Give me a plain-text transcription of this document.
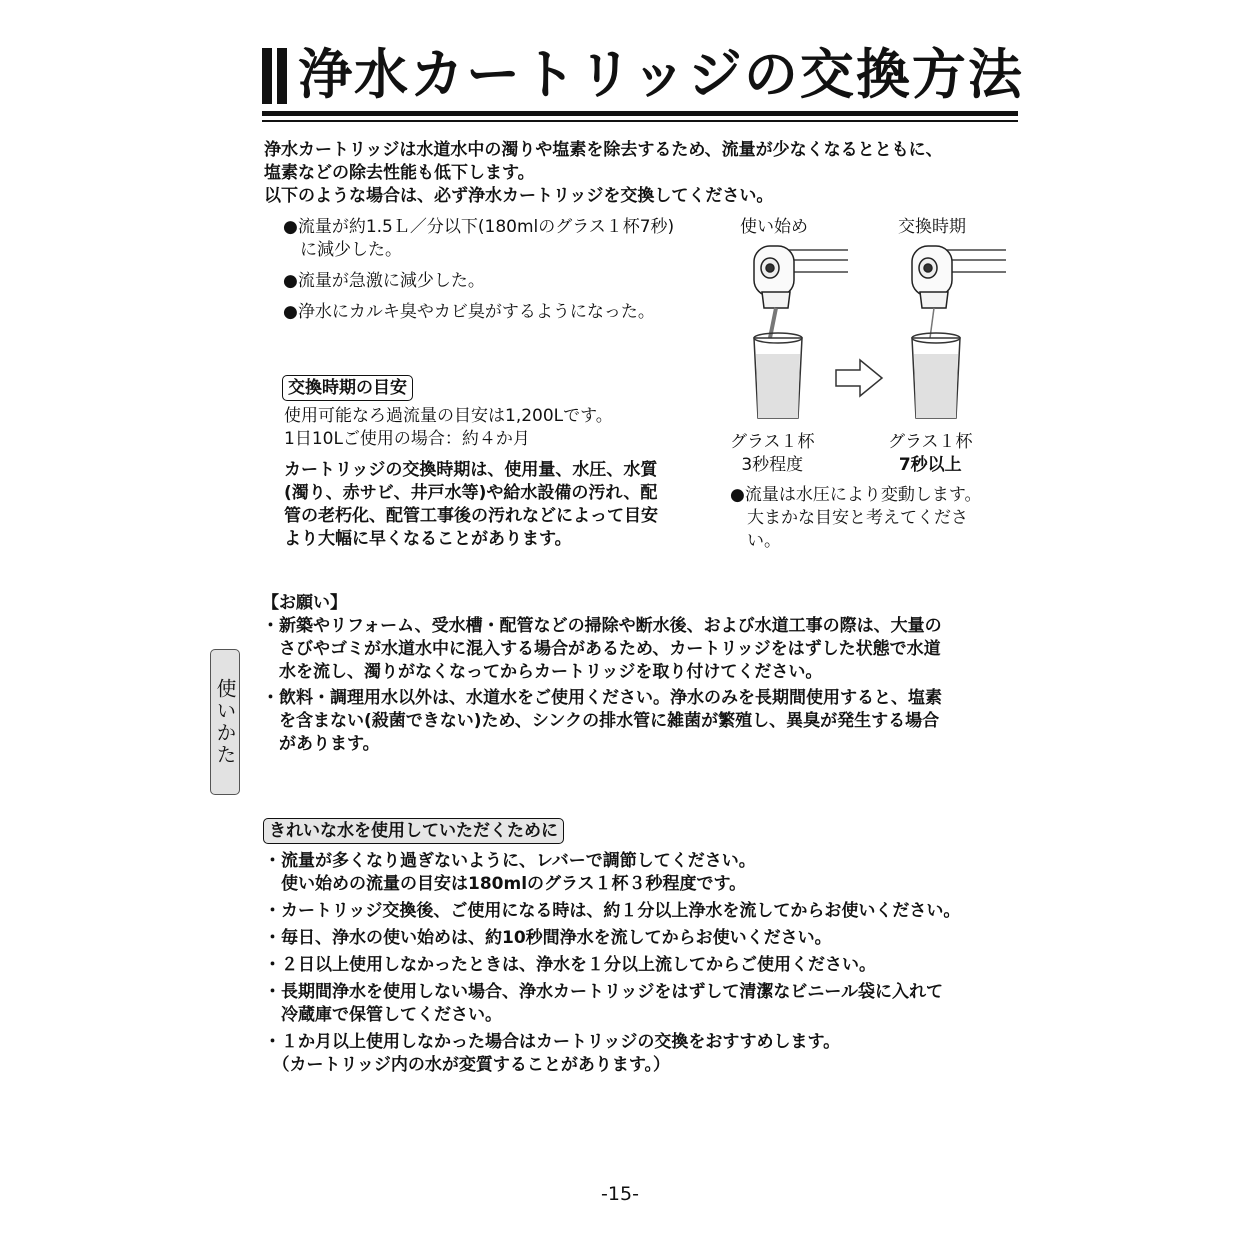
浄水カートリッジの交換方法
浄水カートリッジは水道水中の濁りや塩素を除去するため、流量が少なくなるとともに、
塩素などの除去性能も低下します。
以下のような場合は、必ず浄水カートリッジを交換してください。
●流量が約1.5Ｌ／分以下(180mlのグラス１杯7秒)
　に減少した。
●流量が急激に減少した。
●浄水にカルキ臭やカビ臭がするようになった。
交換時期の目安
使用可能なろ過流量の目安は1,200Lです。
1日10Lご使用の場合：約４か月
カートリッジの交換時期は、使用量、水圧、水質
(濁り、赤サビ、井戸水等)や給水設備の汚れ、配
管の老朽化、配管工事後の汚れなどによって目安
より大幅に早くなることがあります。
使い始め	交換時期
グラス１杯
3秒程度
グラス１杯
7秒以上
●流量は水圧により変動します。
　大まかな目安と考えてくださ
　い。
【お願い】
・新築やリフォーム、受水槽・配管などの掃除や断水後、および水道工事の際は、大量の
　さびやゴミが水道水中に混入する場合があるため、カートリッジをはずした状態で水道
　水を流し、濁りがなくなってからカートリッジを取り付けてください。
・飲料・調理用水以外は、水道水をご使用ください。浄水のみを長期間使用すると、塩素
　を含まない(殺菌できない)ため、シンクの排水管に雑菌が繁殖し、異臭が発生する場合
　があります。
使いかた
きれいな水を使用していただくために
・流量が多くなり過ぎないように、レバーで調節してください。
　使い始めの流量の目安は180mlのグラス１杯３秒程度です。
・カートリッジ交換後、ご使用になる時は、約１分以上浄水を流してからお使いください。
・毎日、浄水の使い始めは、約10秒間浄水を流してからお使いください。
・２日以上使用しなかったときは、浄水を１分以上流してからご使用ください。
・長期間浄水を使用しない場合、浄水カートリッジをはずして清潔なビニール袋に入れて
　冷蔵庫で保管してください。
・１か月以上使用しなかった場合はカートリッジの交換をおすすめします。
　（カートリッジ内の水が変質することがあります。）
-15-
